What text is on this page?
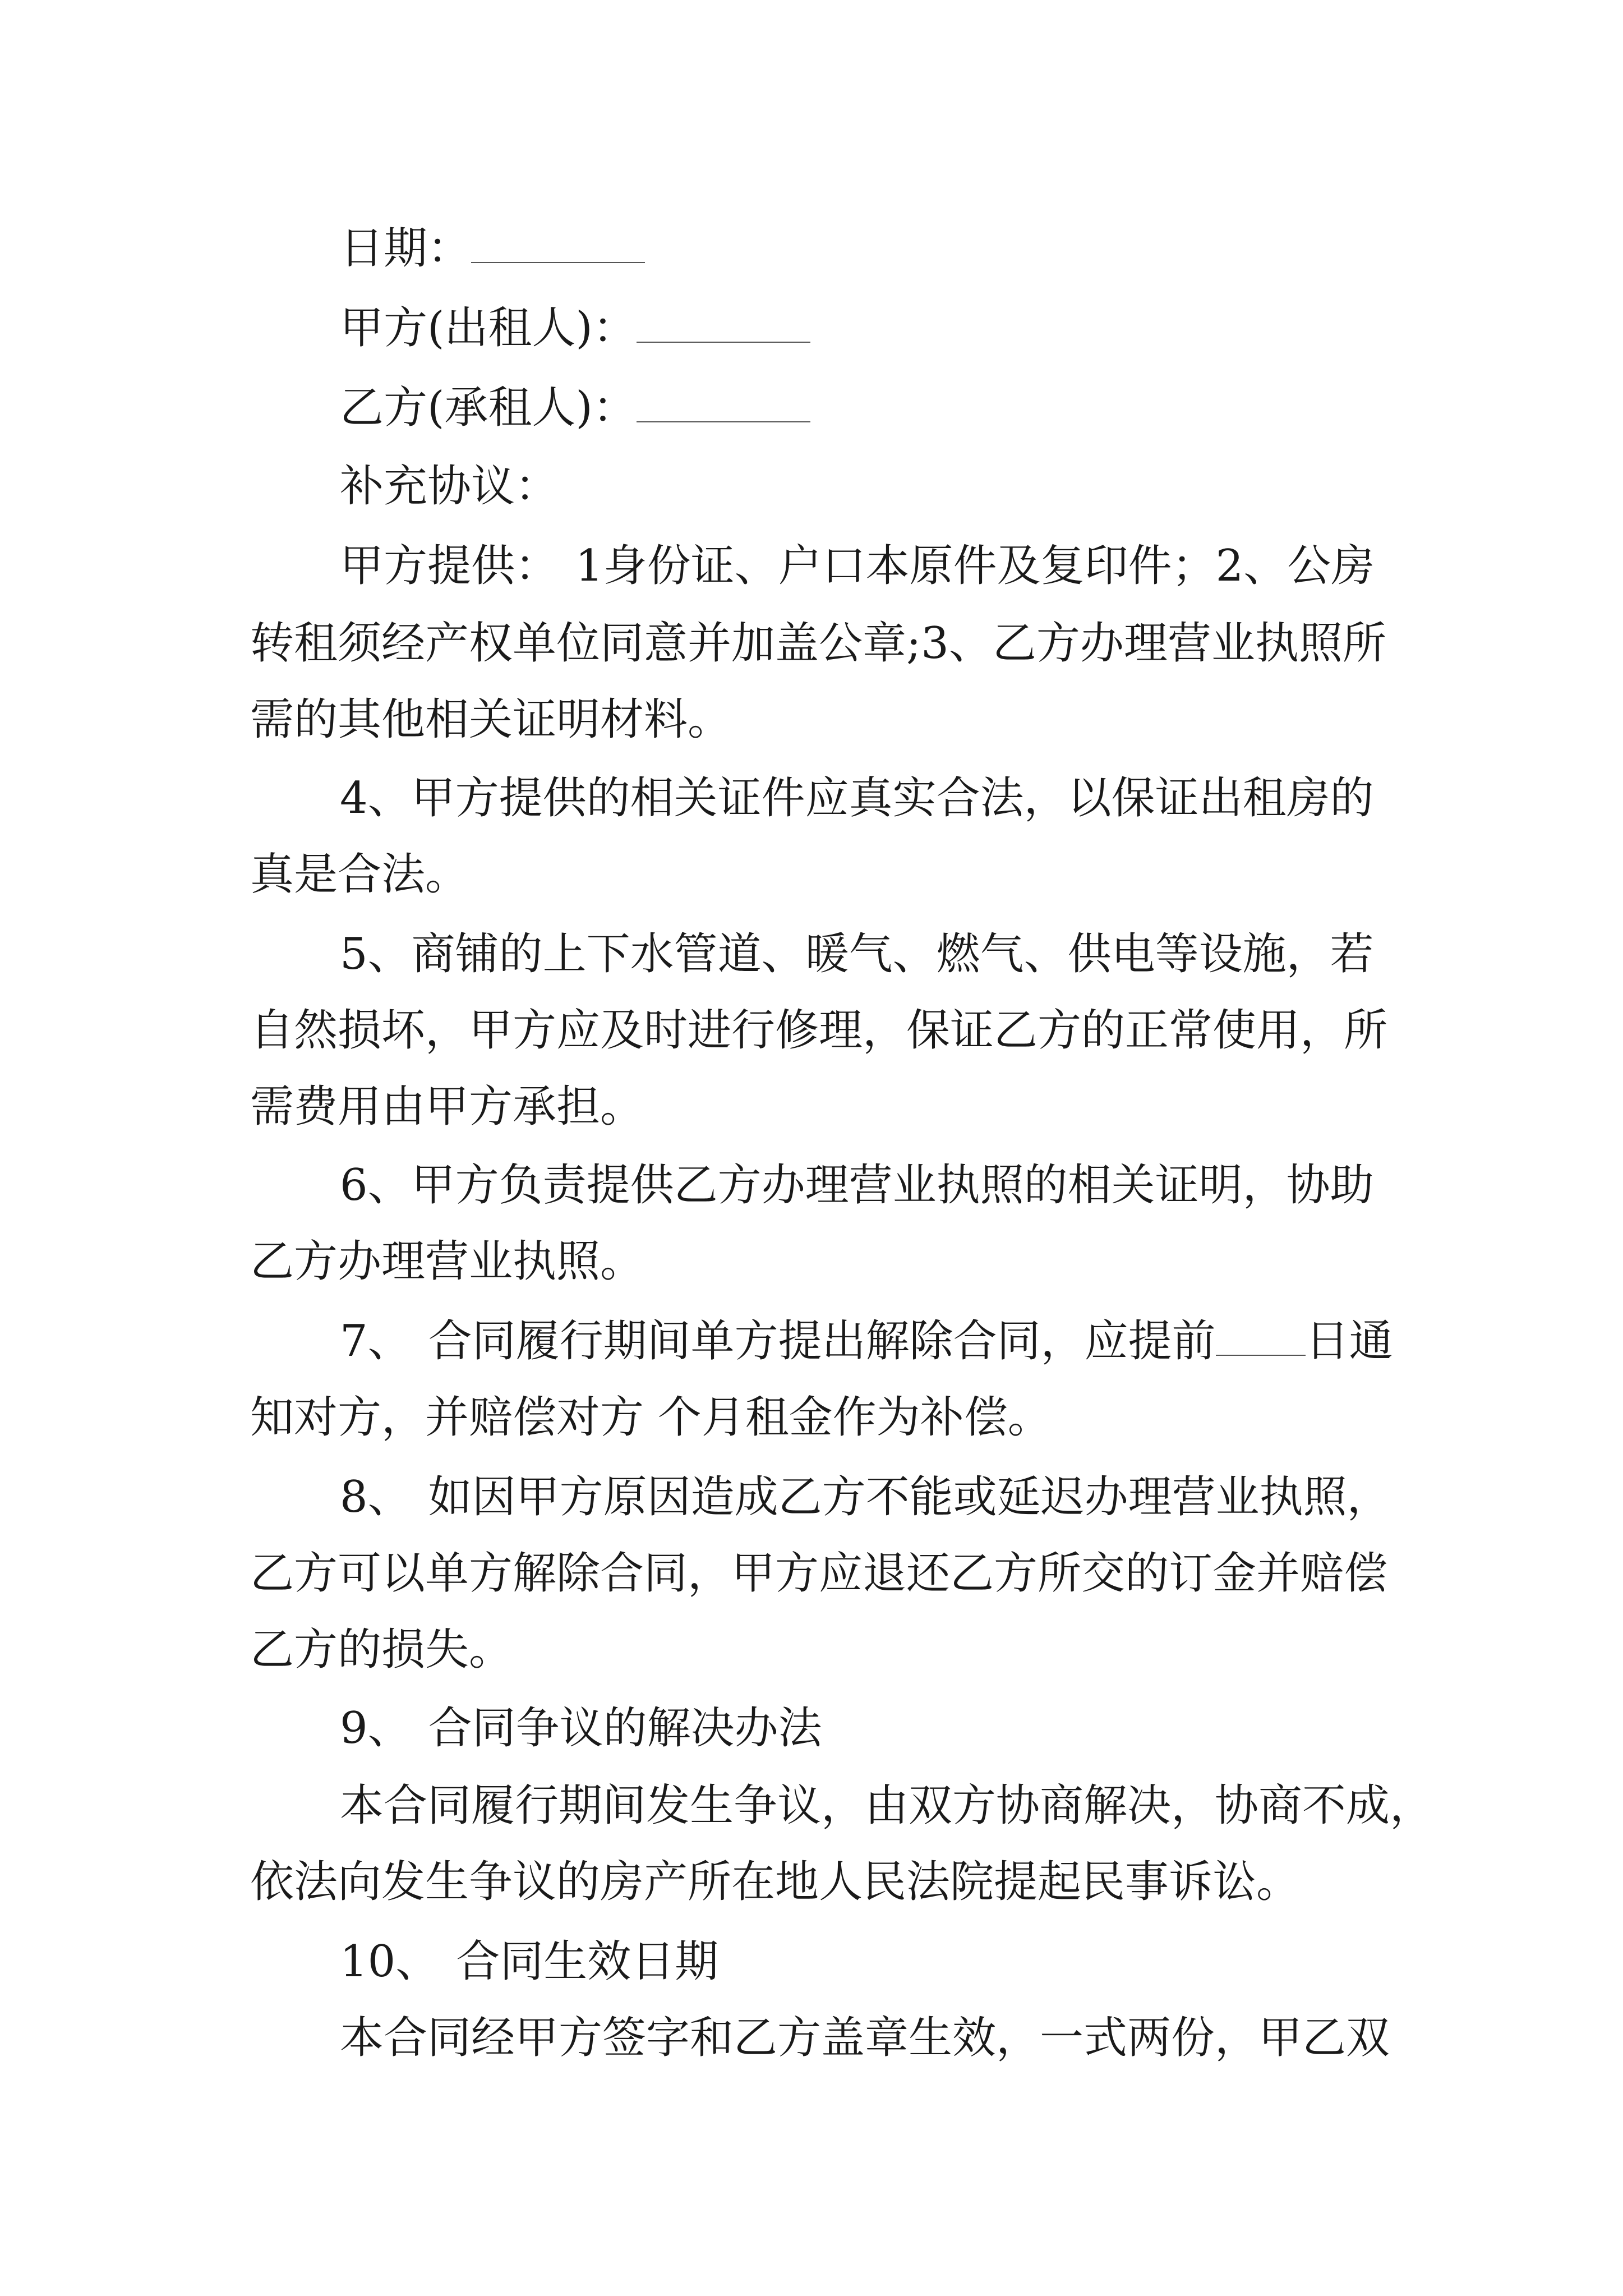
日期：
甲方(出租人)：
乙方(承租人)：
补充协议：
甲方提供： 1身份证、户口本原件及复印件；2、公房
转租须经产权单位同意并加盖公章;3、乙方办理营业执照所
需的其他相关证明材料。
4、甲方提供的相关证件应真实合法，以保证出租房的
真是合法。
5、商铺的上下水管道、暖气、燃气、供电等设施，若
自然损坏，甲方应及时进行修理，保证乙方的正常使用，所
需费用由甲方承担。
6、甲方负责提供乙方办理营业执照的相关证明，协助
乙方办理营业执照。
7、 合同履行期间单方提出解除合同，应提前 日通
知对方，并赔偿对方 个月租金作为补偿。
8、 如因甲方原因造成乙方不能或延迟办理营业执照，
乙方可以单方解除合同，甲方应退还乙方所交的订金并赔偿
乙方的损失。
9、 合同争议的解决办法
本合同履行期间发生争议，由双方协商解决，协商不成，
依法向发生争议的房产所在地人民法院提起民事诉讼。
10、 合同生效日期
本合同经甲方签字和乙方盖章生效，一式两份，甲乙双
